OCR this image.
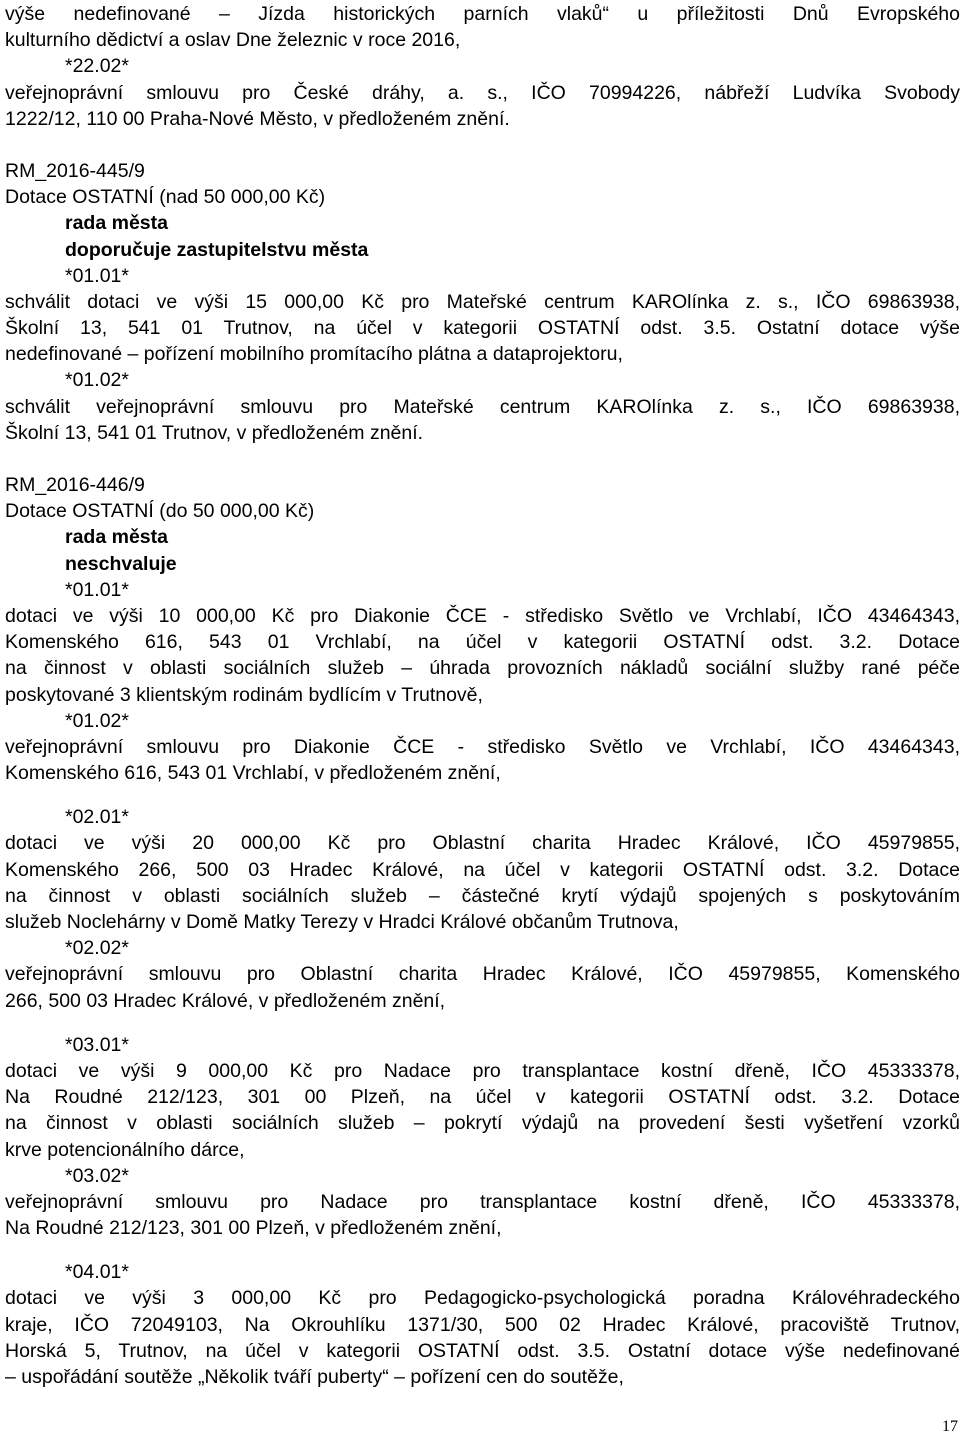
výše nedefinované – Jízda historických parních vlaků“ u příležitosti Dnů Evropského
kulturního dědictví a oslav Dne železnic v roce 2016,
*22.02*
veřejnoprávní smlouvu pro České dráhy, a. s., IČO 70994226, nábřeží Ludvíka Svobody
1222/12, 110 00 Praha-Nové Město, v předloženém znění.
RM_2016-445/9
Dotace OSTATNÍ (nad 50 000,00 Kč)
rada města
doporučuje zastupitelstvu města
*01.01*
schválit dotaci ve výši 15 000,00 Kč pro Mateřské centrum KAROlínka z. s., IČO 69863938,
Školní 13, 541 01 Trutnov, na účel v kategorii OSTATNÍ odst. 3.5. Ostatní dotace výše
nedefinované – pořízení mobilního promítacího plátna a dataprojektoru,
*01.02*
schválit veřejnoprávní smlouvu pro Mateřské centrum KAROlínka z. s., IČO 69863938,
Školní 13, 541 01 Trutnov, v předloženém znění.
RM_2016-446/9
Dotace OSTATNÍ (do 50 000,00 Kč)
rada města
neschvaluje
*01.01*
dotaci ve výši 10 000,00 Kč pro Diakonie ČCE - středisko Světlo ve Vrchlabí, IČO 43464343,
Komenského 616, 543 01 Vrchlabí, na účel v kategorii OSTATNÍ odst. 3.2. Dotace
na činnost v oblasti sociálních služeb – úhrada provozních nákladů sociální služby rané péče
poskytované 3 klientským rodinám bydlícím v Trutnově,
*01.02*
veřejnoprávní smlouvu pro Diakonie ČCE - středisko Světlo ve Vrchlabí, IČO 43464343,
Komenského 616, 543 01 Vrchlabí, v předloženém znění,
*02.01*
dotaci ve výši 20 000,00 Kč pro Oblastní charita Hradec Králové, IČO 45979855,
Komenského 266, 500 03 Hradec Králové, na účel v kategorii OSTATNÍ odst. 3.2. Dotace
na činnost v oblasti sociálních služeb – částečné krytí výdajů spojených s poskytováním
služeb Noclehárny v Domě Matky Terezy v Hradci Králové občanům Trutnova,
*02.02*
veřejnoprávní smlouvu pro Oblastní charita Hradec Králové, IČO 45979855, Komenského
266, 500 03 Hradec Králové, v předloženém znění,
*03.01*
dotaci ve výši 9 000,00 Kč pro Nadace pro transplantace kostní dřeně, IČO 45333378,
Na Roudné 212/123, 301 00 Plzeň, na účel v kategorii OSTATNÍ odst. 3.2. Dotace
na činnost v oblasti sociálních služeb – pokrytí výdajů na provedení šesti vyšetření vzorků
krve potencionálního dárce,
*03.02*
veřejnoprávní smlouvu pro Nadace pro transplantace kostní dřeně, IČO 45333378,
Na Roudné 212/123, 301 00 Plzeň, v předloženém znění,
*04.01*
dotaci ve výši 3 000,00 Kč pro Pedagogicko-psychologická poradna Královéhradeckého
kraje, IČO 72049103, Na Okrouhlíku 1371/30, 500 02 Hradec Králové, pracoviště Trutnov,
Horská 5, Trutnov, na účel v kategorii OSTATNÍ odst. 3.5. Ostatní dotace výše nedefinované
– uspořádání soutěže „Několik tváří puberty“ – pořízení cen do soutěže,
17
